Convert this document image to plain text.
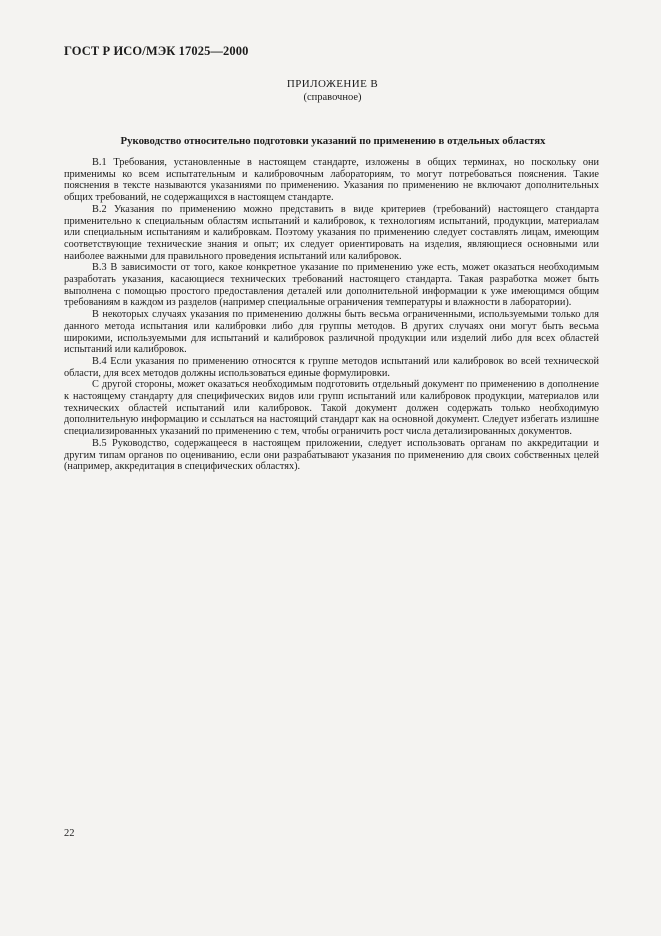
ГОСТ Р ИСО/МЭК 17025—2000
ПРИЛОЖЕНИЕ В
(справочное)
Руководство относительно подготовки указаний по применению в отдельных областях

В.1 Требования, установленные в настоящем стандарте, изложены в общих терминах, но поскольку они применимы ко всем испытательным и калибровочным лабораториям, то могут потребоваться пояснения. Такие пояснения в тексте называются указаниями по применению. Указания по применению не включают дополнительных общих требований, не содержащихся в настоящем стандарте.

В.2 Указания по применению можно представить в виде критериев (требований) настоящего стандарта применительно к специальным областям испытаний и калибровок, к технологиям испытаний, продукции, материалам или специальным испытаниям и калибровкам. Поэтому указания по применению следует составлять лицам, имеющим соответствующие технические знания и опыт; их следует ориентировать на изделия, являющиеся основными или наиболее важными для правильного проведения испытаний или калибровок.

В.3 В зависимости от того, какое конкретное указание по применению уже есть, может оказаться необходимым разработать указания, касающиеся технических требований настоящего стандарта. Такая разработка может быть выполнена с помощью простого предоставления деталей или дополнительной информации к уже имеющимся общим требованиям в каждом из разделов (например специальные ограничения температуры и влажности в лаборатории).

В некоторых случаях указания по применению должны быть весьма ограниченными, используемыми только для данного метода испытания или калибровки либо для группы методов. В других случаях они могут быть весьма широкими, используемыми для испытаний и калибровок различной продукции или изделий либо для всех областей испытаний или калибровок.

В.4 Если указания по применению относятся к группе методов испытаний или калибровок во всей технической области, для всех методов должны использоваться единые формулировки.

С другой стороны, может оказаться необходимым подготовить отдельный документ по применению в дополнение к настоящему стандарту для специфических видов или групп испытаний или калибровок продукции, материалов или технических областей испытаний или калибровок. Такой документ должен содержать только необходимую дополнительную информацию и ссылаться на настоящий стандарт как на основной документ. Следует избегать излишне специализированных указаний по применению с тем, чтобы ограничить рост числа детализированных документов.

В.5 Руководство, содержащееся в настоящем приложении, следует использовать органам по аккредитации и другим типам органов по оцениванию, если они разрабатывают указания по применению для своих собственных целей (например, аккредитация в специфических областях).

22
